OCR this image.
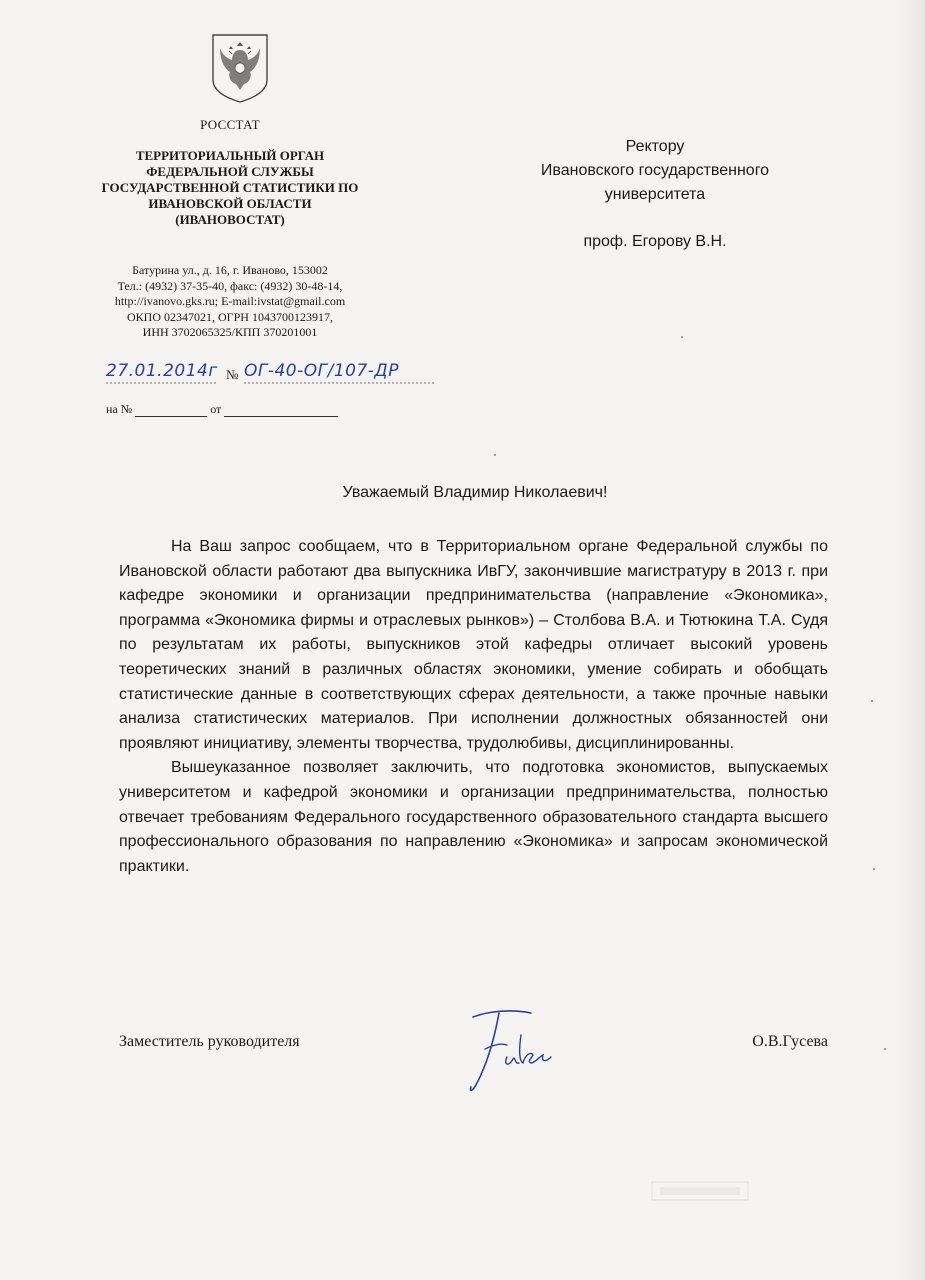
РОССТАТ
ТЕРРИТОРИАЛЬНЫЙ ОРГАН
ФЕДЕРАЛЬНОЙ СЛУЖБЫ
ГОСУДАРСТВЕННОЙ СТАТИСТИКИ ПО
ИВАНОВСКОЙ ОБЛАСТИ
(ИВАНОВОСТАТ)
Батурина ул., д. 16, г. Иваново, 153002
Тел.: (4932) 37-35-40, факс: (4932) 30-48-14,
http://ivanovo.gks.ru; E-mail:ivstat@gmail.com
ОКПО 02347021, ОГРН 1043700123917,
ИНН 3702065325/КПП 370201001
27.01.2014г № ОГ-40-ОГ/107-ДР
на №	от
Ректору
Ивановского государственного
университета
проф. Егорову В.Н.
Уважаемый Владимир Николаевич!

На Ваш запрос сообщаем, что в Территориальном органе Федеральной службы по Ивановской области работают два выпускника ИвГУ, закончившие магистратуру в 2013 г. при кафедре экономики и организации предпринимательства (направление «Экономика», программа «Экономика фирмы и отраслевых рынков») – Столбова В.А. и Тютюкина Т.А. Судя по результатам их работы, выпускников этой кафедры отличает высокий уровень теоретических знаний в различных областях экономики, умение собирать и обобщать статистические данные в соответствующих сферах деятельности, а также прочные навыки анализа статистических материалов. При исполнении должностных обязанностей они проявляют инициативу, элементы творчества, трудолюбивы, дисциплинированны.

Вышеуказанное позволяет заключить, что подготовка экономистов, выпускаемых университетом и кафедрой экономики и организации предпринимательства, полностью отвечает требованиям Федерального государственного образовательного стандарта высшего профессионального образования по направлению «Экономика» и запросам экономической практики.

Заместитель руководителя	О.В.Гусева
